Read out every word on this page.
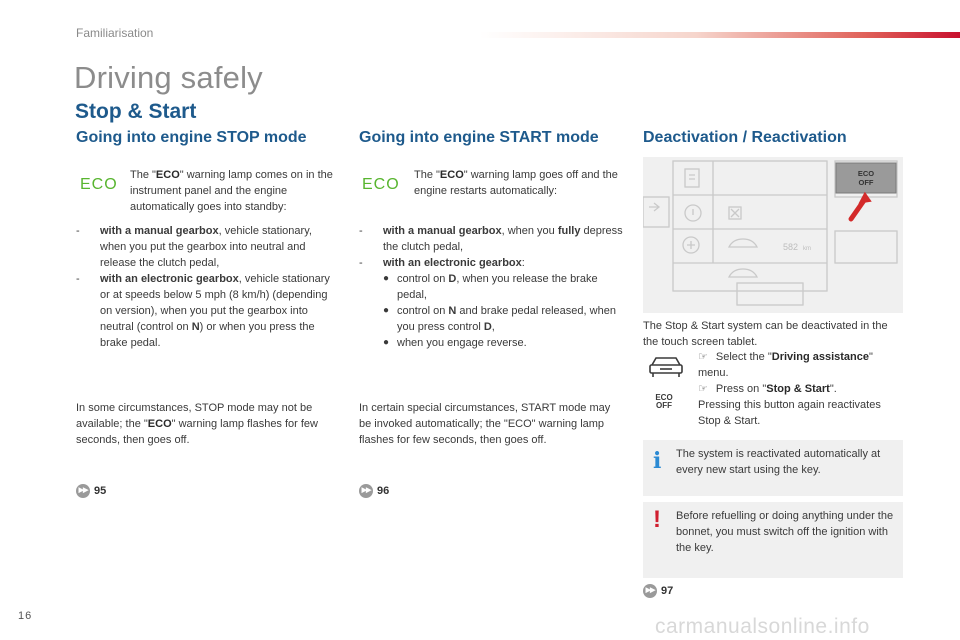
Familiarisation
Driving safely
Stop & Start
Going into engine STOP mode
ECO
The "ECO" warning lamp comes on in the instrument panel and the engine automatically goes into standby:
- with a manual gearbox, vehicle stationary, when you put the gearbox into neutral and release the clutch pedal,
- with an electronic gearbox, vehicle stationary or at speeds below 5 mph (8 km/h) (depending on version), when you put the gearbox into neutral (control on N) or when you press the brake pedal.
In some circumstances, STOP mode may not be available; the "ECO" warning lamp flashes for few seconds, then goes off.
▶▶ 95
Going into engine START mode
ECO
The "ECO" warning lamp goes off and the engine restarts automatically:
- with a manual gearbox, when you fully depress the clutch pedal,
- with an electronic gearbox:
● control on D, when you release the brake pedal,
● control on N and brake pedal released, when you press control D,
● when you engage reverse.
In certain special circumstances, START mode may be invoked automatically; the "ECO" warning lamp flashes for few seconds, then goes off.
▶▶ 96
Deactivation / Reactivation
ECO
OFF
582 km
The Stop & Start system can be deactivated in the the touch screen tablet.
☞ Select the "Driving assistance" menu.
☞ Press on "Stop & Start".
Pressing this button again reactivates Stop & Start.
ECO
OFF
i	The system is reactivated automatically at every new start using the key.
!	Before refuelling or doing anything under the bonnet, you must switch off the ignition with the key.
▶▶ 97
16	carmanualsonline.info
